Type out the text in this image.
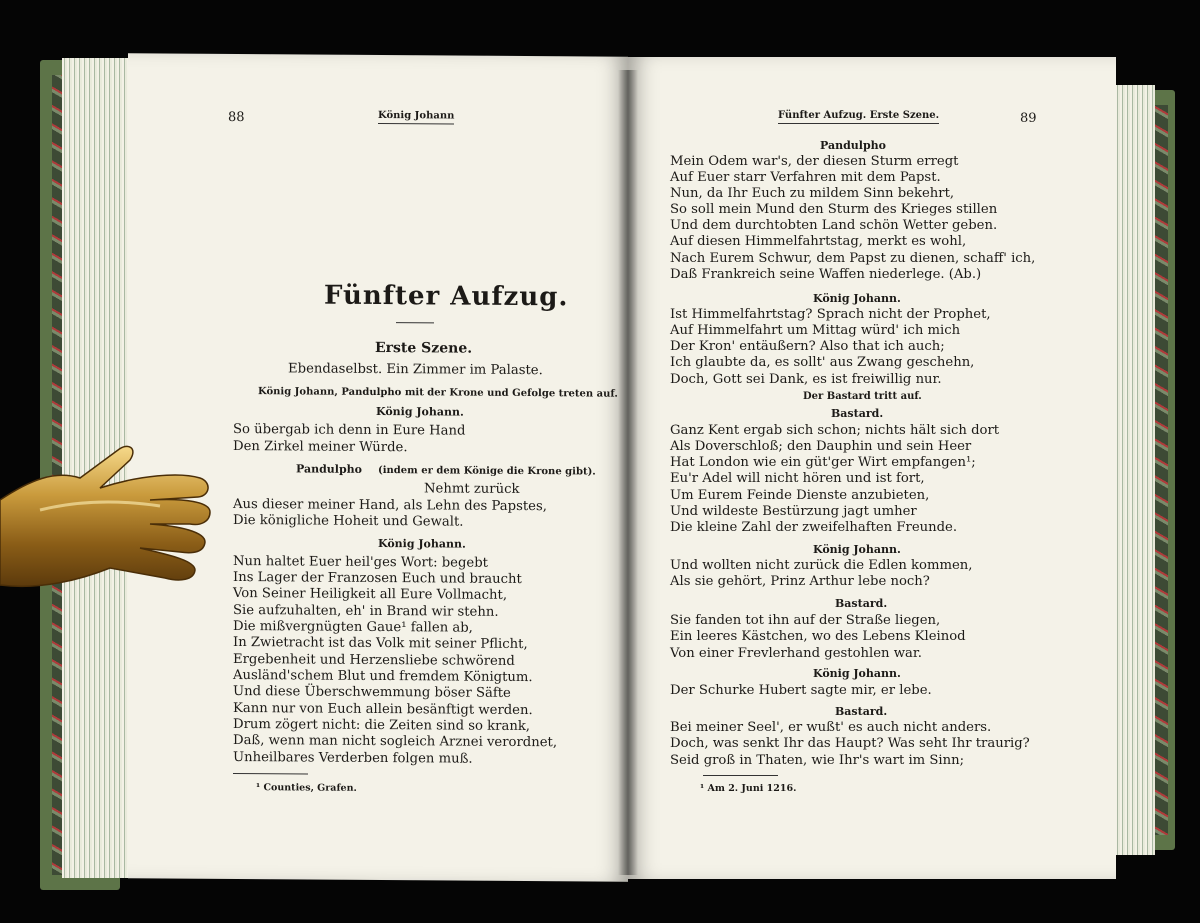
88	König Johann
Fünfter Aufzug.
Erste Szene.
Ebendaselbst. Ein Zimmer im Palaste.
König Johann, Pandulpho mit der Krone und Gefolge treten auf.
König Johann.
So übergab ich denn in Eure Hand
Den Zirkel meiner Würde.
Pandulpho (indem er dem Könige die Krone gibt).
Nehmt zurück
Aus dieser meiner Hand, als Lehn des Papstes,
Die königliche Hoheit und Gewalt.
König Johann.
Nun haltet Euer heil'ges Wort: begebt
Ins Lager der Franzosen Euch und braucht
Von Seiner Heiligkeit all Eure Vollmacht,
Sie aufzuhalten, eh' in Brand wir stehn.
Die mißvergnügten Gaue¹ fallen ab,
In Zwietracht ist das Volk mit seiner Pflicht,
Ergebenheit und Herzensliebe schwörend
Ausländ'schem Blut und fremdem Königtum.
Und diese Überschwemmung böser Säfte
Kann nur von Euch allein besänftigt werden.
Drum zögert nicht: die Zeiten sind so krank,
Daß, wenn man nicht sogleich Arznei verordnet,
Unheilbares Verderben folgen muß.
¹ Counties, Grafen.
Fünfter Aufzug. Erste Szene.	89
Pandulpho
Mein Odem war's, der diesen Sturm erregt
Auf Euer starr Verfahren mit dem Papst.
Nun, da Ihr Euch zu mildem Sinn bekehrt,
So soll mein Mund den Sturm des Krieges stillen
Und dem durchtobten Land schön Wetter geben.
Auf diesen Himmelfahrtstag, merkt es wohl,
Nach Eurem Schwur, dem Papst zu dienen, schaff' ich,
Daß Frankreich seine Waffen niederlege. (Ab.)
König Johann.
Ist Himmelfahrtstag? Sprach nicht der Prophet,
Auf Himmelfahrt um Mittag würd' ich mich
Der Kron' entäußern? Also that ich auch;
Ich glaubte da, es sollt' aus Zwang geschehn,
Doch, Gott sei Dank, es ist freiwillig nur.
Der Bastard tritt auf.
Bastard.
Ganz Kent ergab sich schon; nichts hält sich dort
Als Doverschloß; den Dauphin und sein Heer
Hat London wie ein güt'ger Wirt empfangen¹;
Eu'r Adel will nicht hören und ist fort,
Um Eurem Feinde Dienste anzubieten,
Und wildeste Bestürzung jagt umher
Die kleine Zahl der zweifelhaften Freunde.
König Johann.
Und wollten nicht zurück die Edlen kommen,
Als sie gehört, Prinz Arthur lebe noch?
Bastard.
Sie fanden tot ihn auf der Straße liegen,
Ein leeres Kästchen, wo des Lebens Kleinod
Von einer Frevlerhand gestohlen war.
König Johann.
Der Schurke Hubert sagte mir, er lebe.
Bastard.
Bei meiner Seel', er wußt' es auch nicht anders.
Doch, was senkt Ihr das Haupt? Was seht Ihr traurig?
Seid groß in Thaten, wie Ihr's wart im Sinn;
¹ Am 2. Juni 1216.
